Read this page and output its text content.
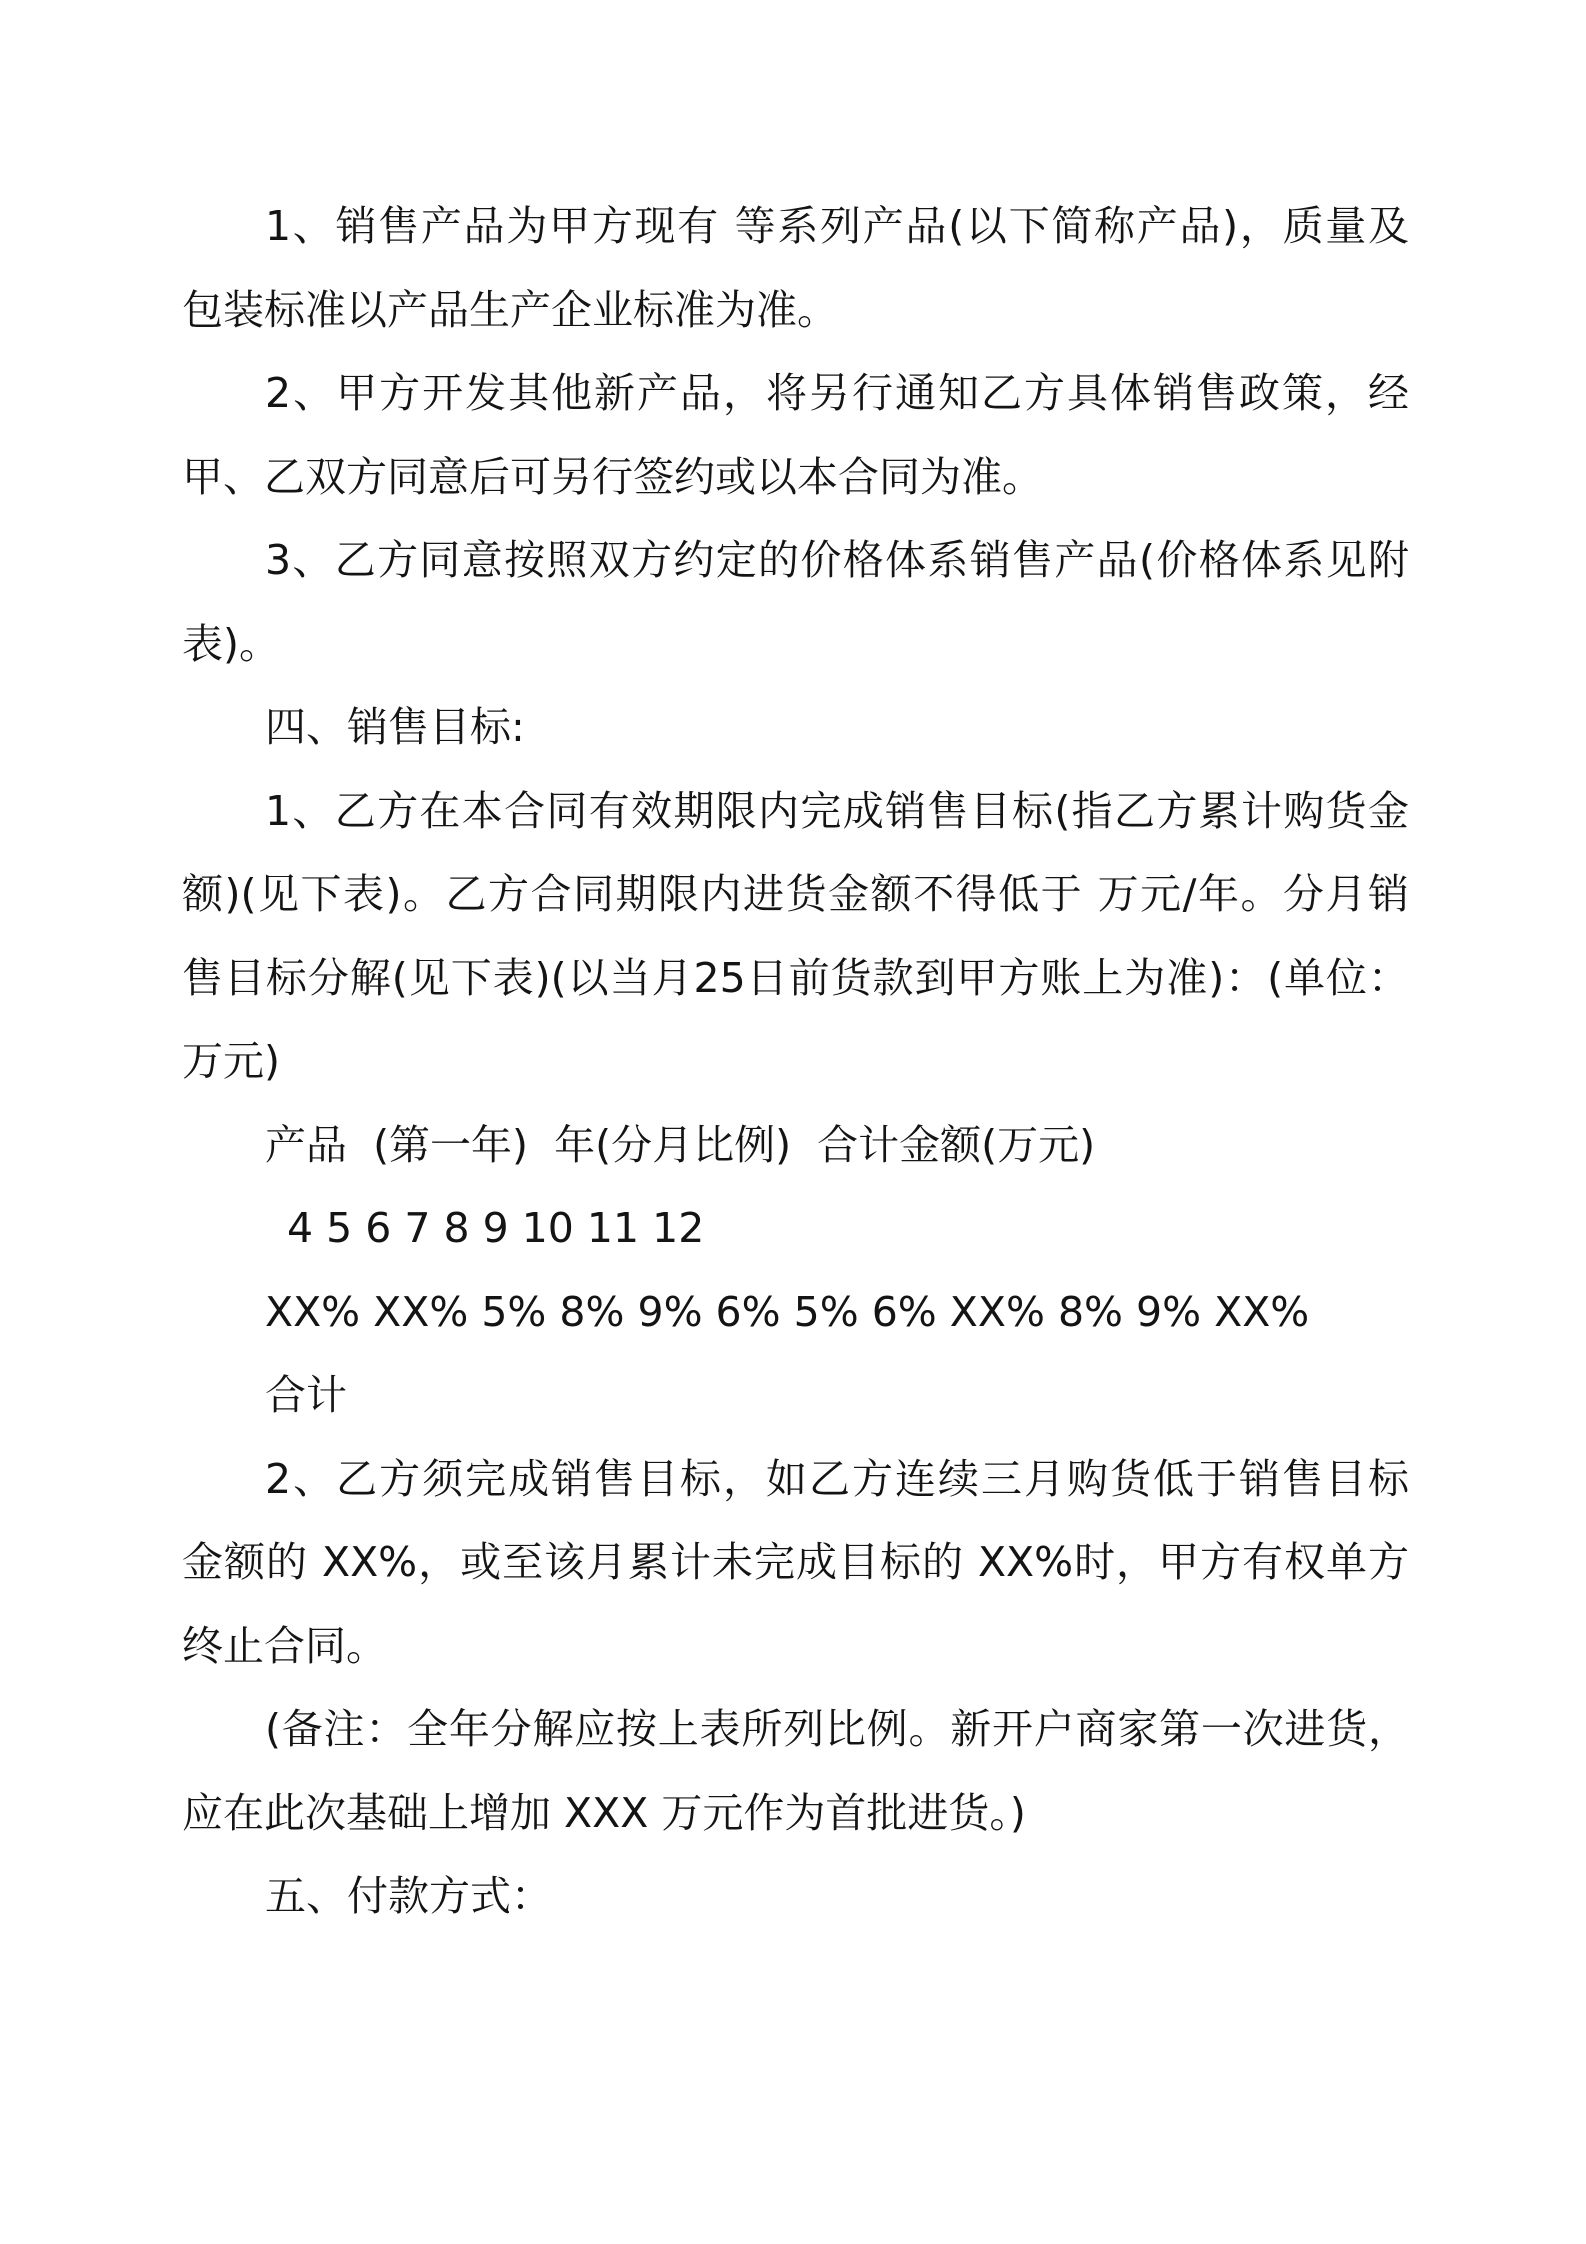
1、销售产品为甲方现有 等系列产品(以下简称产品)，质量及
包装标准以产品生产企业标准为准。
2、甲方开发其他新产品，将另行通知乙方具体销售政策，经
甲、乙双方同意后可另行签约或以本合同为准。
3、乙方同意按照双方约定的价格体系销售产品(价格体系见附
表)。
四、销售目标:
1、乙方在本合同有效期限内完成销售目标(指乙方累计购货金
额)(见下表)。乙方合同期限内进货金额不得低于 万元/年。分月销
售目标分解(见下表)(以当月25日前货款到甲方账上为准)：(单位：
万元)
产品  (第一年)  年(分月比例)  合计金额(万元)
4 5 6 7 8 9 10 11 12
XX% XX% 5% 8% 9% 6% 5% 6% XX% 8% 9% XX%
合计
2、乙方须完成销售目标，如乙方连续三月购货低于销售目标
金额的 XX%，或至该月累计未完成目标的 XX%时，甲方有权单方
终止合同。
(备注：全年分解应按上表所列比例。新开户商家第一次进货，
应在此次基础上增加 XXX 万元作为首批进货。)
五、付款方式：
